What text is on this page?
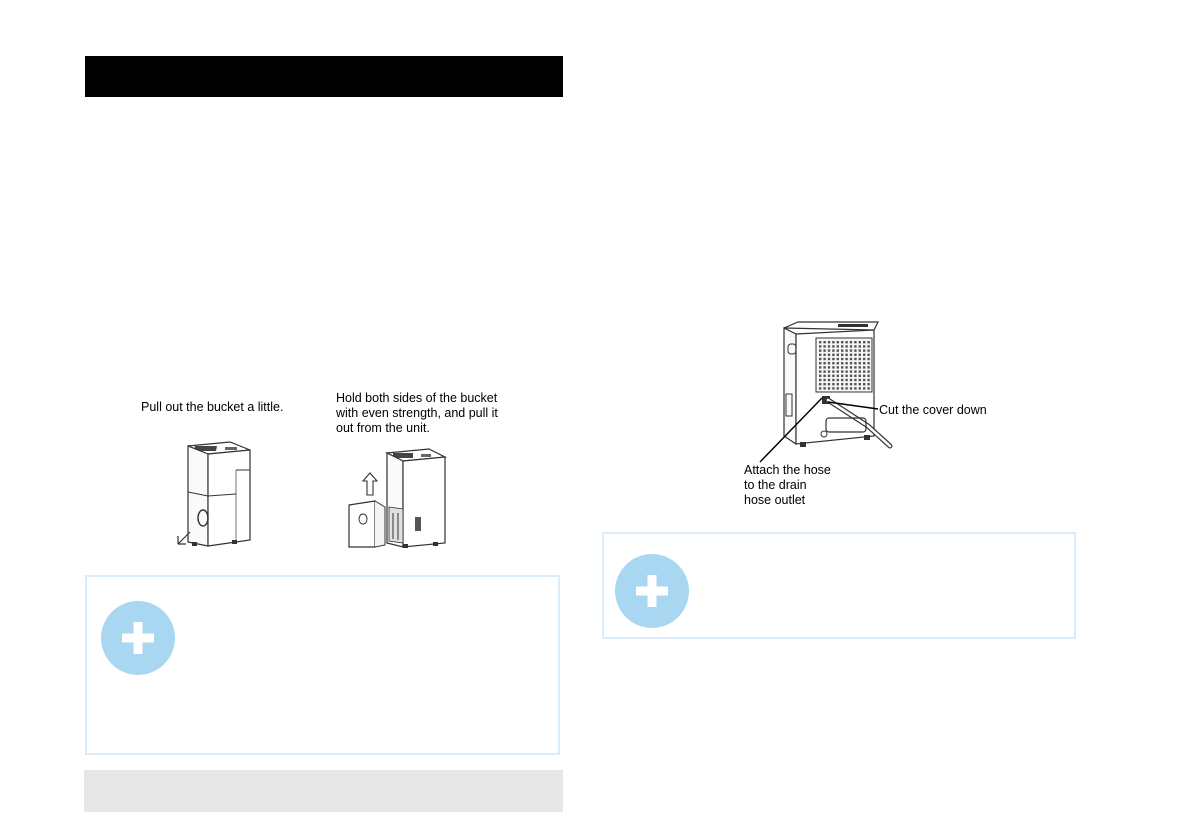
Pull out the bucket a little.
Hold both sides of the bucket
with even strength, and pull it
out from the unit.
Cut the cover down
Attach the hose
to the drain
hose outlet
